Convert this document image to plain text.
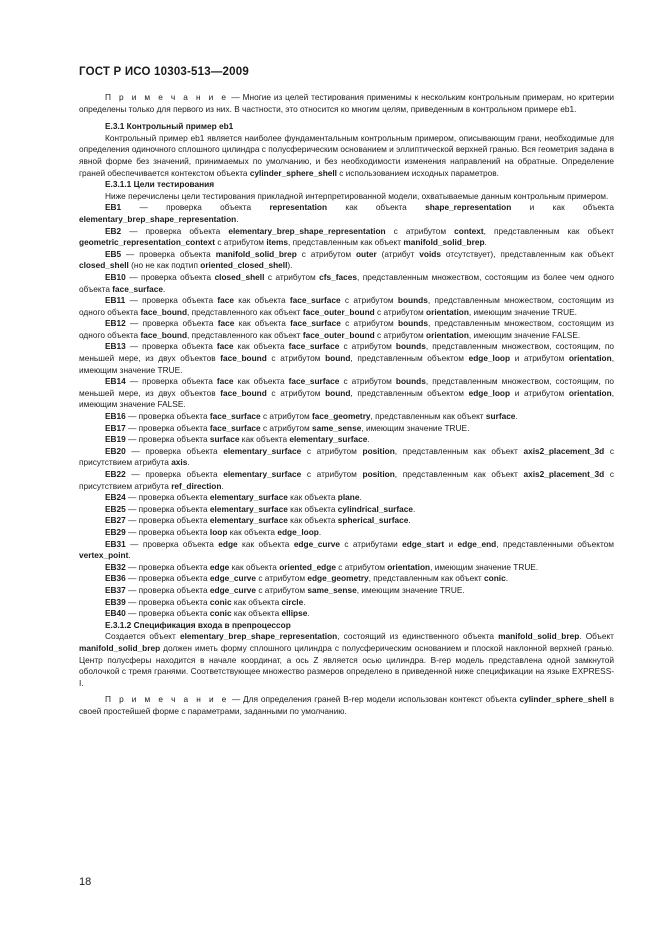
ГОСТ Р ИСО 10303-513—2009

П р и м е ч а н и е — Многие из целей тестирования применимы к нескольким контрольным примерам, но критерии определены только для первого из них. В частности, это относится ко многим целям, приведенным в контрольном примере eb1.

E.3.1 Контрольный пример eb1

Контрольный пример eb1 является наиболее фундаментальным контрольным примером, описывающим грани, необходимые для определения одиночного сплошного цилиндра с полусферическим основанием и эллиптической верхней гранью. Вся геометрия задана в явной форме без значений, принимаемых по умолчанию, и без необходимости изменения направлений на обратные. Определение граней обеспечивается контекстом объекта cylinder_sphere_shell с использованием исходных параметров.

E.3.1.1 Цели тестирования

Ниже перечислены цели тестирования прикладной интерпретированной модели, охватываемые данным контрольным примером.

EB1 — проверка объекта representation как объекта shape_representation и как объекта elementary_brep_shape_representation.

EB2 — проверка объекта elementary_brep_shape_representation с атрибутом context, представленным как объект geometric_representation_context с атрибутом items, представленным как объект manifold_solid_brep.

EB5 — проверка объекта manifold_solid_brep с атрибутом outer (атрибут voids отсутствует), представленным как объект closed_shell (но не как подтип oriented_closed_shell).

EB10 — проверка объекта closed_shell с атрибутом cfs_faces, представленным множеством, состоящим из более чем одного объекта face_surface.

EB11 — проверка объекта face как объекта face_surface с атрибутом bounds, представленным множеством, состоящим из одного объекта face_bound, представленного как объект face_outer_bound с атрибутом orientation, имеющим значение TRUE.

EB12 — проверка объекта face как объекта face_surface с атрибутом bounds, представленным множеством, состоящим из одного объекта face_bound, представленного как объект face_outer_bound с атрибутом orientation, имеющим значение FALSE.

EB13 — проверка объекта face как объекта face_surface с атрибутом bounds, представленным множеством, состоящим, по меньшей мере, из двух объектов face_bound с атрибутом bound, представленным объектом edge_loop и атрибутом orientation, имеющим значение TRUE.

EB14 — проверка объекта face как объекта face_surface с атрибутом bounds, представленным множеством, состоящим, по меньшей мере, из двух объектов face_bound с атрибутом bound, представленным объектом edge_loop и атрибутом orientation, имеющим значение FALSE.

EB16 — проверка объекта face_surface с атрибутом face_geometry, представленным как объект surface.

EB17 — проверка объекта face_surface с атрибутом same_sense, имеющим значение TRUE.

EB19 — проверка объекта surface как объекта elementary_surface.

EB20 — проверка объекта elementary_surface с атрибутом position, представленным как объект axis2_placement_3d с присутствием атрибута axis.

EB22 — проверка объекта elementary_surface с атрибутом position, представленным как объект axis2_placement_3d с присутствием атрибута ref_direction.

EB24 — проверка объекта elementary_surface как объекта plane.

EB25 — проверка объекта elementary_surface как объекта cylindrical_surface.

EB27 — проверка объекта elementary_surface как объекта spherical_surface.

EB29 — проверка объекта loop как объекта edge_loop.

EB31 — проверка объекта edge как объекта edge_curve с атрибутами edge_start и edge_end, представленными объектом vertex_point.

EB32 — проверка объекта edge как объекта oriented_edge с атрибутом orientation, имеющим значение TRUE.

EB36 — проверка объекта edge_curve с атрибутом edge_geometry, представленным как объект conic.

EB37 — проверка объекта edge_curve с атрибутом same_sense, имеющим значение TRUE.

EB39 — проверка объекта conic как объекта circle.

EB40 — проверка объекта conic как объекта ellipse.

E.3.1.2 Спецификация входа в препроцессор

Создается объект elementary_brep_shape_representation, состоящий из единственного объекта manifold_solid_brep. Объект manifold_solid_brep должен иметь форму сплошного цилиндра с полусферическим основанием и плоской наклонной верхней гранью. Центр полусферы находится в начале координат, а ось Z является осью цилиндра. B-rep модель представлена одной замкнутой оболочкой с тремя гранями. Соответствующее множество размеров определено в приведенной ниже спецификации на языке EXPRESS-I.

П р и м е ч а н и е — Для определения граней B-rep модели использован контекст объекта cylinder_sphere_shell в своей простейшей форме с параметрами, заданными по умолчанию.

18
